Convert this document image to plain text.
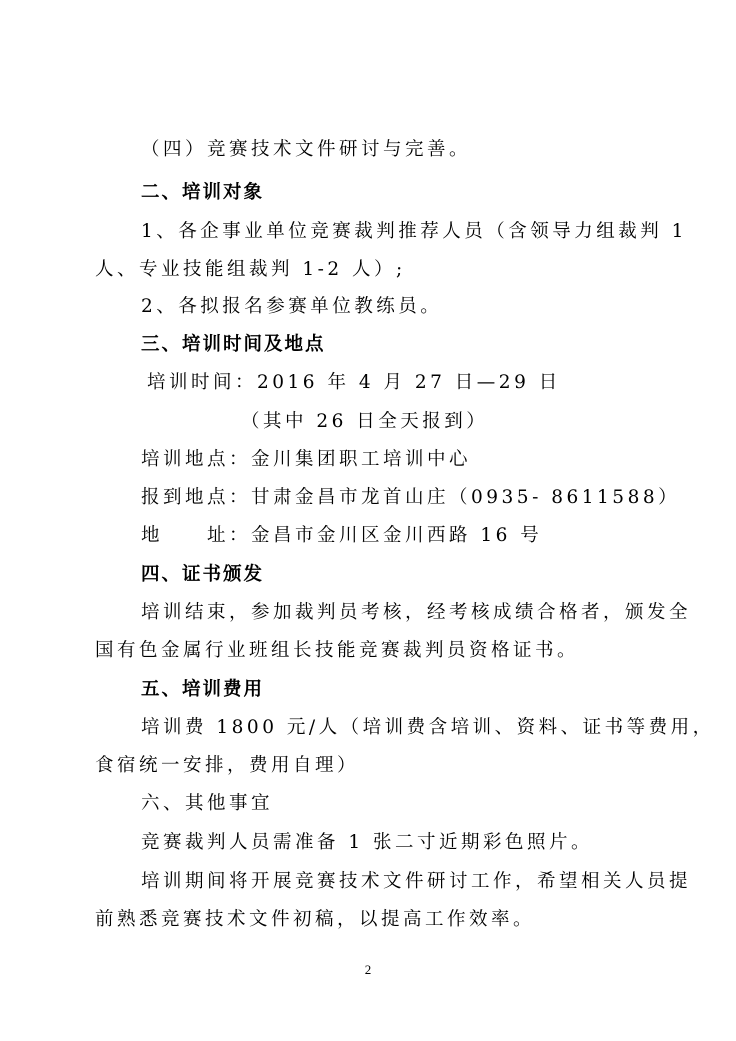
（四）竞赛技术文件研讨与完善。
二、培训对象
1、各企事业单位竞赛裁判推荐人员（含领导力组裁判 1
人、专业技能组裁判 1-2 人）;
2、各拟报名参赛单位教练员。
三、培训时间及地点
培训时间：2016 年 4 月 27 日—29 日
（其中 26 日全天报到）
培训地点：金川集团职工培训中心
报到地点：甘肃金昌市龙首山庄（0935- 8611588）
地　　址：金昌市金川区金川西路 16 号
四、证书颁发
培训结束，参加裁判员考核，经考核成绩合格者，颁发全
国有色金属行业班组长技能竞赛裁判员资格证书。
五、培训费用
培训费 1800 元/人（培训费含培训、资料、证书等费用，
食宿统一安排，费用自理）
六、其他事宜
竞赛裁判人员需准备 1 张二寸近期彩色照片。
培训期间将开展竞赛技术文件研讨工作，希望相关人员提
前熟悉竞赛技术文件初稿，以提高工作效率。
2
